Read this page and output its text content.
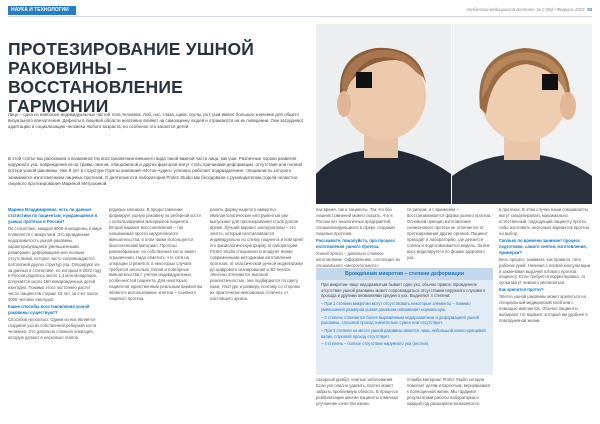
НАУКА И ТЕХНОЛОГИИ	«Кубанский медицинский вестник» № 2 (96) • Февраль 2023 93
ПРОТЕЗИРОВАНИЕ УШНОЙ РАКОВИНЫ – ВОССТАНОВЛЕНИЕ ГАРМОНИИ

Лицо – одна из наиболее индивидуальных частей тела человека. Лоб, нос, глаза, щеки, скулы, рот, уши имеют большое значение для общего визуального впечатления. Дефекты в лицевой области негативно влияют на самооценку людей и отражаются на их поведении. Они затрудняют адаптацию и социализацию человека любого возраста, но особенно это касается детей.

В этой статье мы расскажем о возможностях восстановления внешнего вида такой важной части лица, как уши. Различные пороки развития наружного уха, повреждения из-за травм, ожогов, отмороженой и других факторов могут стать причинами деформации, отсутствия или полной потери ушной раковины. Уже 8 лет в структуре Группы компаний «Исток-Аудио» успешно работает подразделение, специалисты которого занимаются изготовлением лицевых протезов. О деятельности лаборатории Protez Studio мы беседовали с руководителем отдела челюстно-лицевого протезирования Мариной Метрохиной.

Марина Владимировна, есть ли данные статистики по пациентам, нуждающимся в ушных протезах в России?

По статистике, каждый 6000-й младенец в мире появляется с микротией. Это врожденная недоразвитость ушной раковины, характеризующаяся уменьшенными размерами, деформацией или полным отсутствием, которое часто сопровождается патологией других структур уха. Оперируют из-за данных в статистике, по которым в 2022 году в России родилось около 1,4 млн младенцев, получается около 160 новорожденных детей ежегодно. Помимо этого постоянно растет число пациентов старше 18 лет, за счет около 3000 человек ежегодно.

Какие способы восстановления ушной раковины существуют?

Способов несколько. Одним из них является создание уха из собственной реберной кости человека. Это довольно сложная операция, которую делают в несколько этапов.

рядовых клиниках. В предоставлении формирует ушную раковину из реберной кости с использованием материалов пациента. Второй вариант восстановления – так называемый протез хирургического вмешательства, в этом также используется биологический материал. Протезы разнообразные, но собственная кость имеет ограничения. Надо отметить, что хотя на операции стремятся, в некоторых случаях требуется несколько этапов и повторные вмешательства с учетом индивидуальных особенностей пациента. Для некоторых пациентов единственным реальным вариантом является использование эпитеза – съемного лицевого протеза.

ранить форму надетого имвертно. Имплантологические инструментыв уже выпускают для протезирования стали долгое время. Лучший вариант альтернативы – это эпитез, который изготавливается индивидуально по слепку пациента и повторяет его физиологическую форму. В лаборатории Protez Studio специалисты владеют всеми современными методиками изготовления протезов: от классической ручной моделировки до цифрового сканирования и 3D-печати. Эпитезы отличаются высокой реалистичностью, они подбираются по цвету кожи, текстуре и размеру, поэтому со стороны их практически невозможно отличить от настоящего органа.

пак время, так и пациенты. Так что без лишних сомнений можно сказать, что в России нет аналогичных предприятий, специализирующихся в сфере создания лицевых протезов.

Расскажите, пожалуйста, про процесс изготовления ушного протеза.

Ушной протез – довольно сложное изготовление. Оформлению, состоящее из специального «многоугольного»

ся риском, а с временем – восстанавливается форма ушного протеза. Основной принцип изготовления силиконового протеза не отличается от протезирования других органов. Пациент приходит в лабораторию, где делается слепок и подготавливается модель. Затем воск моделируется по форме здорового уха.

в протезах. В этом случае наши специалисты могут смоделировать максимально естественный, подходящий пациенту протез, либо изготовить несколько вариантов протеза на выбор.

Сколько по времени занимает процесс подготовки, самого снятия, изготовления, примерки?

Весь процесс занимает, как правило, пять рабочих дней. Начиная с первой консультации и заканчивая выдачей готового протеза пациенту. Если требуется корректировка, то сроки могут немного увеличиться.

Как крепится протез?

Эпитез ушной раковины может крепиться на специальный медицинский клей или с помощью имплантов. Обычно пациенты выбирают тот вариант, который им удобнее в повседневной жизни.

Врожденная микротия – степени деформации

При микротии чаще недоразвитым бывает одно ухо, обычно правое. Врожденное отсутствие ушной раковины может сопровождаться отсутствием наружного слухового прохода и другими аномалиями среднего уха. Выделяют 4 степени:

– При 1 степени микротии могут отсутствовать некоторые элементы – помимо уменьшения размеров ушная раковина напоминает нормальную.

– 2 степень отличается более выраженным недоразвитием и деформацией ушной раковины, слуховой проход значительно сужен или отсутствует.

– При 3 степени на месте ушной раковины имеется лишь небольшой кожно-хрящевой валик, слуховой проход отсутствует.

– 4 степень – полное отсутствие наружного уха (анотия).

сахарный диабет, кожные заболевания. Если ухо опасно удалить, протез может закрыть проблемную область. В процессе реабилитации многие пациенты отмечают улучшение качества жизни.

пломба материал Protez Studio сегодня помогает детям и взрослым, вернувшимся к полноценной жизни. Мы гордимся результатами работы лаборатории и каждый год расширяем возможности.
